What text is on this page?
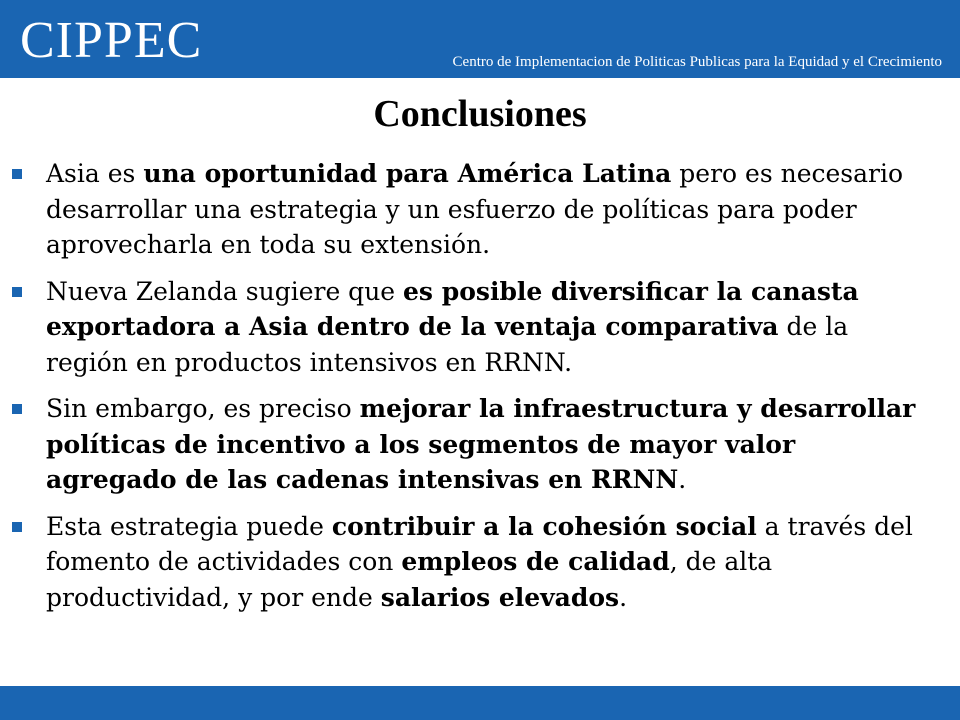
CIPPEC	Centro de Implementacion de Politicas Publicas para la Equidad y el Crecimiento
Conclusiones
Asia es una oportunidad para América Latina pero es necesario desarrollar una estrategia y un esfuerzo de políticas para poder aprovecharla en toda su extensión.
Nueva Zelanda sugiere que es posible diversificar la canasta exportadora a Asia dentro de la ventaja comparativa de la región en productos intensivos en RRNN.
Sin embargo, es preciso mejorar la infraestructura y desarrollar políticas de incentivo a los segmentos de mayor valor agregado de las cadenas intensivas en RRNN.
Esta estrategia puede contribuir a la cohesión social a través del fomento de actividades con empleos de calidad, de alta productividad, y por ende salarios elevados.
